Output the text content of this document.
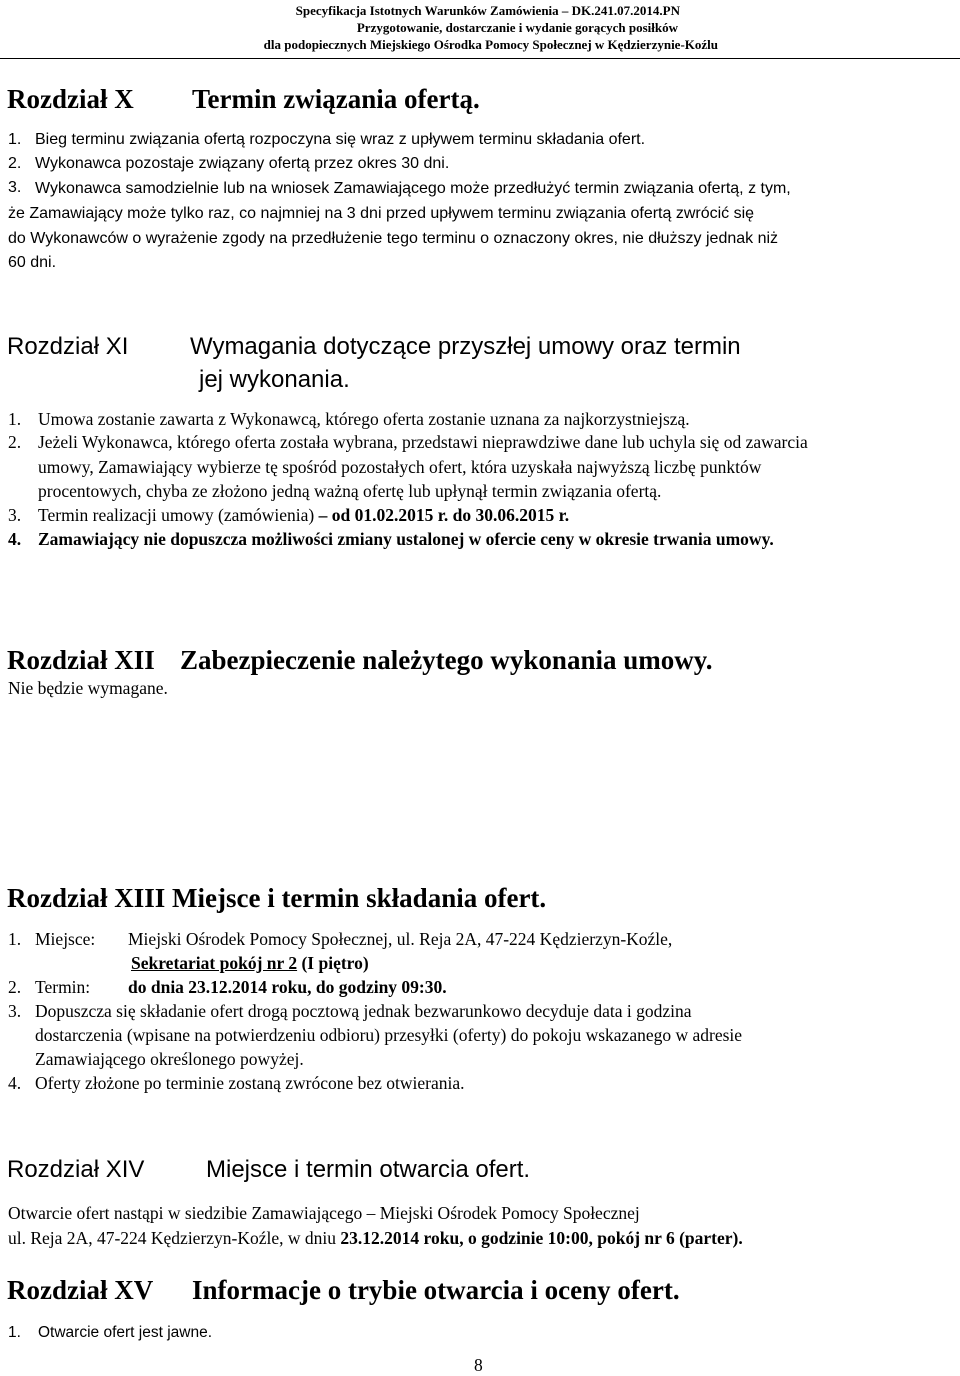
Specyfikacja Istotnych Warunków Zamówienia – DK.241.07.2014.PN
Przygotowanie, dostarczanie i wydanie gorących posiłków
dla podopiecznych Miejskiego Ośrodka Pomocy Społecznej w Kędzierzynie-Koźlu
Rozdział X Termin związania ofertą.
1. Bieg terminu związania ofertą rozpoczyna się wraz z upływem terminu składania ofert.
2. Wykonawca pozostaje związany ofertą przez okres 30 dni.
3. Wykonawca samodzielnie lub na wniosek Zamawiającego może przedłużyć termin związania ofertą, z tym,
że Zamawiający może tylko raz, co najmniej na 3 dni przed upływem terminu związania ofertą zwrócić się
do Wykonawców o wyrażenie zgody na przedłużenie tego terminu o oznaczony okres, nie dłuższy jednak niż
60 dni.
Rozdział XI	Wymagania dotyczące przyszłej umowy oraz termin
jej wykonania.
1. Umowa zostanie zawarta z Wykonawcą, którego oferta zostanie uznana za najkorzystniejszą.
2. Jeżeli Wykonawca, którego oferta została wybrana, przedstawi nieprawdziwe dane lub uchyla się od zawarcia
umowy, Zamawiający wybierze tę spośród pozostałych ofert, która uzyskała najwyższą liczbę punktów
procentowych, chyba ze złożono jedną ważną ofertę lub upłynął termin związania ofertą.
3. Termin realizacji umowy (zamówienia) – od 01.02.2015 r. do 30.06.2015 r.
4. Zamawiający nie dopuszcza możliwości zmiany ustalonej w ofercie ceny w okresie trwania umowy.
Rozdział XII Zabezpieczenie należytego wykonania umowy.
Nie będzie wymagane.
Rozdział XIII Miejsce i termin składania ofert.
1. Miejsce: Miejski Ośrodek Pomocy Społecznej, ul. Reja 2A, 47-224 Kędzierzyn-Koźle,
Sekretariat pokój nr 2 (I piętro)
2. Termin: do dnia 23.12.2014 roku, do godziny 09:30.
3. Dopuszcza się składanie ofert drogą pocztową jednak bezwarunkowo decyduje data i godzina
dostarczenia (wpisane na potwierdzeniu odbioru) przesyłki (oferty) do pokoju wskazanego w adresie
Zamawiającego określonego powyżej.
4. Oferty złożone po terminie zostaną zwrócone bez otwierania.
Rozdział XIV	Miejsce i termin otwarcia ofert.
Otwarcie ofert nastąpi w siedzibie Zamawiającego – Miejski Ośrodek Pomocy Społecznej
ul. Reja 2A, 47-224 Kędzierzyn-Koźle, w dniu 23.12.2014 roku, o godzinie 10:00, pokój nr 6 (parter).
Rozdział XV Informacje o trybie otwarcia i oceny ofert.
1. Otwarcie ofert jest jawne.
8
